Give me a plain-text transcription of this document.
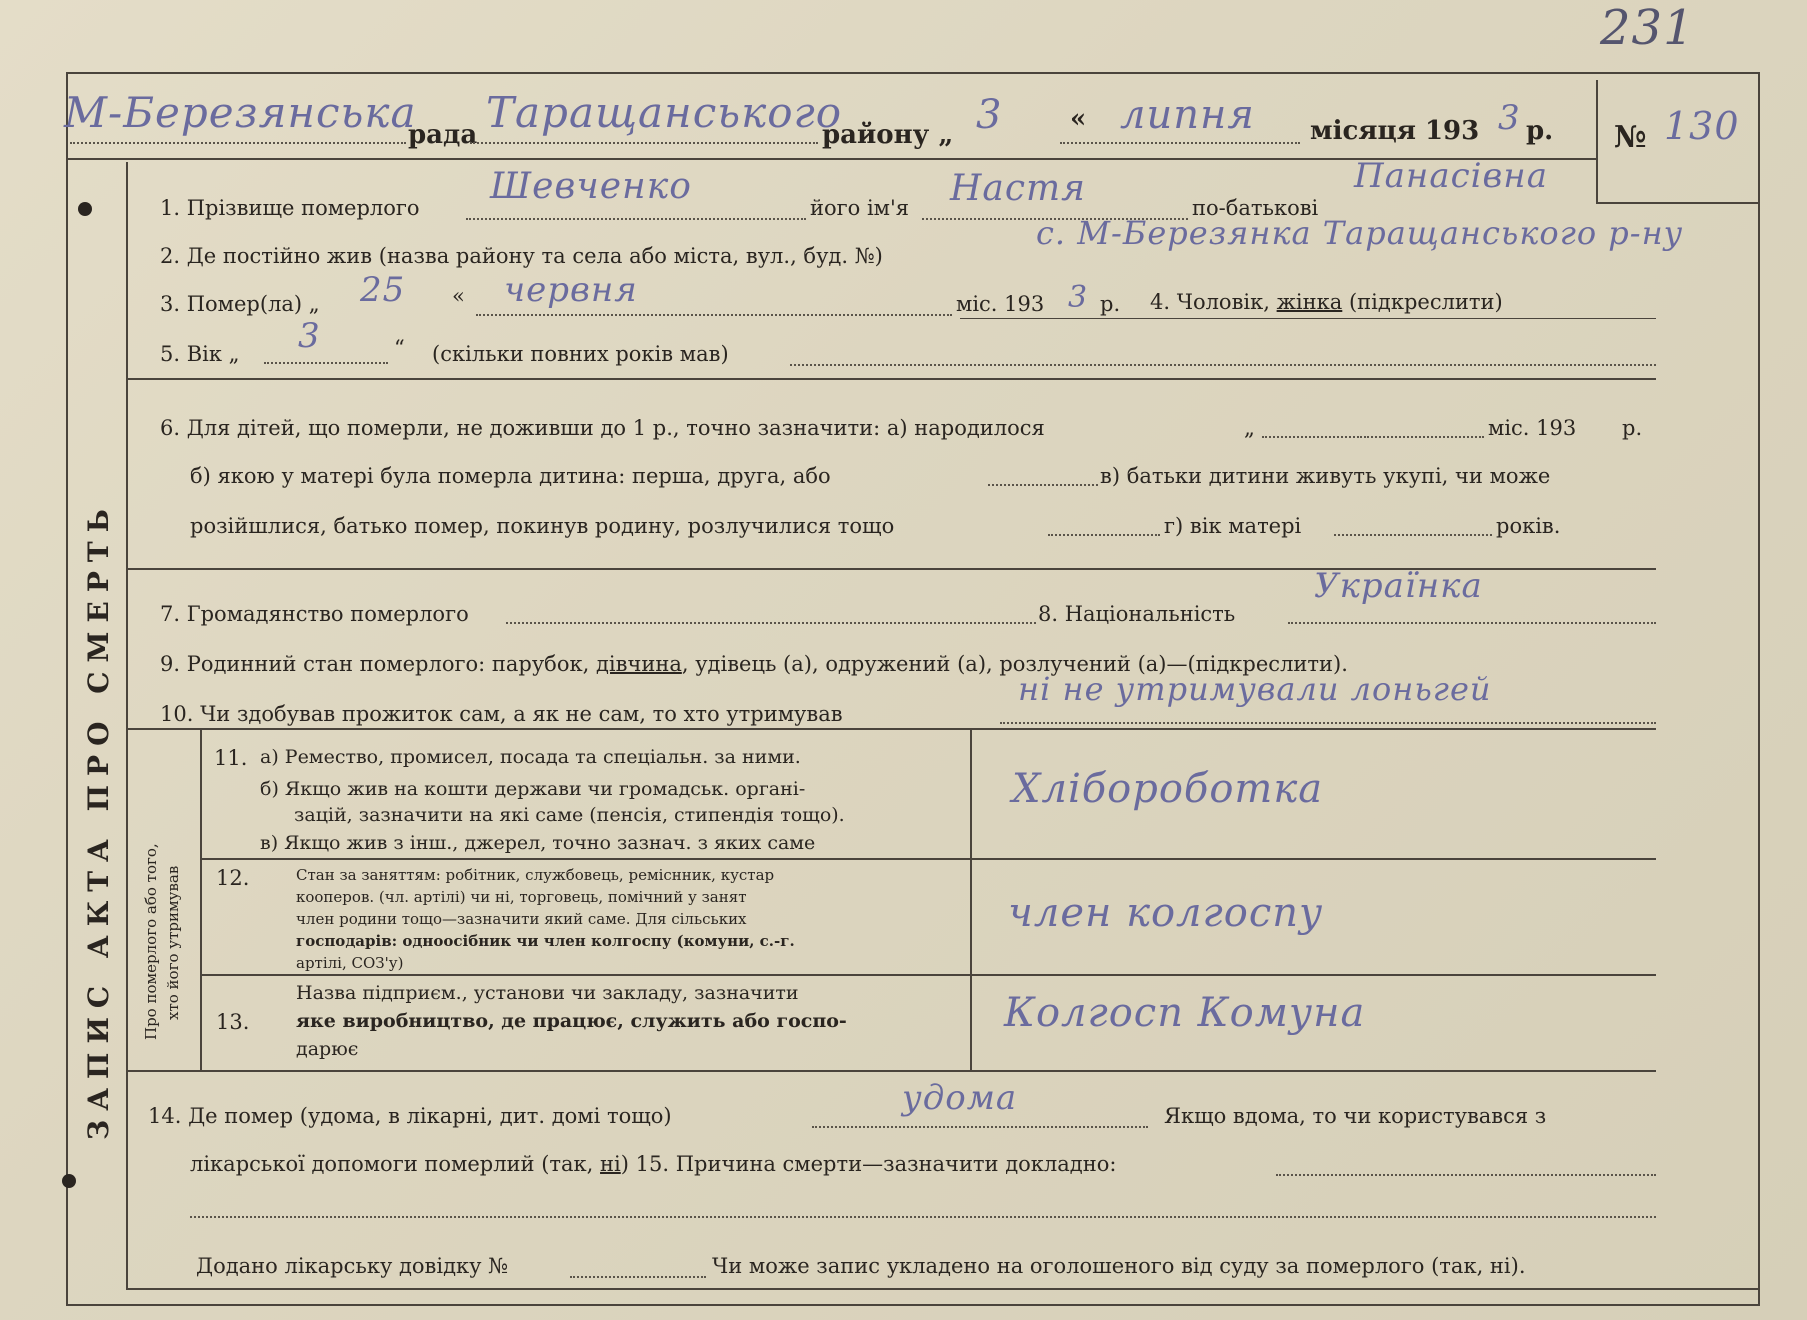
231
ЗАПИС АКТА ПРО СМЕРТЬ
М-Березянська
рада Таращанського
району „ 3	« липня місяця 193 3 р. № 130
1. Прізвище померлого
Шевченко
його ім'я Настя	по-батькові
Панасівна
2. Де постійно жив (назва району та села або міста, вул., буд. №)
с. М-Березянка Таращанського р-ну
3. Помер(ла) „ 25 « червня	міс. 193 3 р. 4. Чоловік, жінка (підкреслити)
5. Вік „ 3	“ (скільки повних років мав)
6. Для дітей, що померли, не доживши до 1 р., точно зазначити: а) народилося	„	міс. 193 р.
б) якою у матері була померла дитина: перша, друга, або	в) батьки дитини живуть укупі, чи може
розійшлися, батько помер, покинув родину, розлучилися тощо	г) вік матері	років.
7. Громадянство померлого	8. Національність
Українка
9. Родинний стан померлого: парубок, дівчина, удівець (а), одружений (а), розлучений (а)—(підкреслити).
10. Чи здобував прожиток сам, а як не сам, то хто утримував
ні не утримували лоньгей
Про померлого або того, хто його утримував
11. а) Ремество, промисел, посада та спеціальн. за ними.
б) Якщо жив на кошти держави чи громадськ. органі-
зацій, зазначити на які саме (пенсія, стипендія тощо).
в) Якщо жив з інш., джерел, точно зазнач. з яких саме
Хлібороботка
12.	Стан за заняттям: робітник, службовець, реміснник, кустар
кооперов. (чл. артілі) чи ні, торговець, помічний у занят
член родини тощо—зазначити який саме. Для сільських
господарів: одноосібник чи член колгоспу (комуни, с.-г.
артілі, СОЗ'у)
член колгоспу
Назва підприєм., установи чи закладу, зазначити
13. яке виробництво, де працює, служить або госпо-
дарює
Колгосп Комуна
14. Де помер (удома, в лікарні, дит. домі тощо)	удома	Якщо вдома, то чи користувався з
лікарської допомоги померлий (так, ні) 15. Причина смерти—зазначити докладно:
Додано лікарську довідку №	Чи може запис укладено на оголошеного від суду за померлого (так, ні).
